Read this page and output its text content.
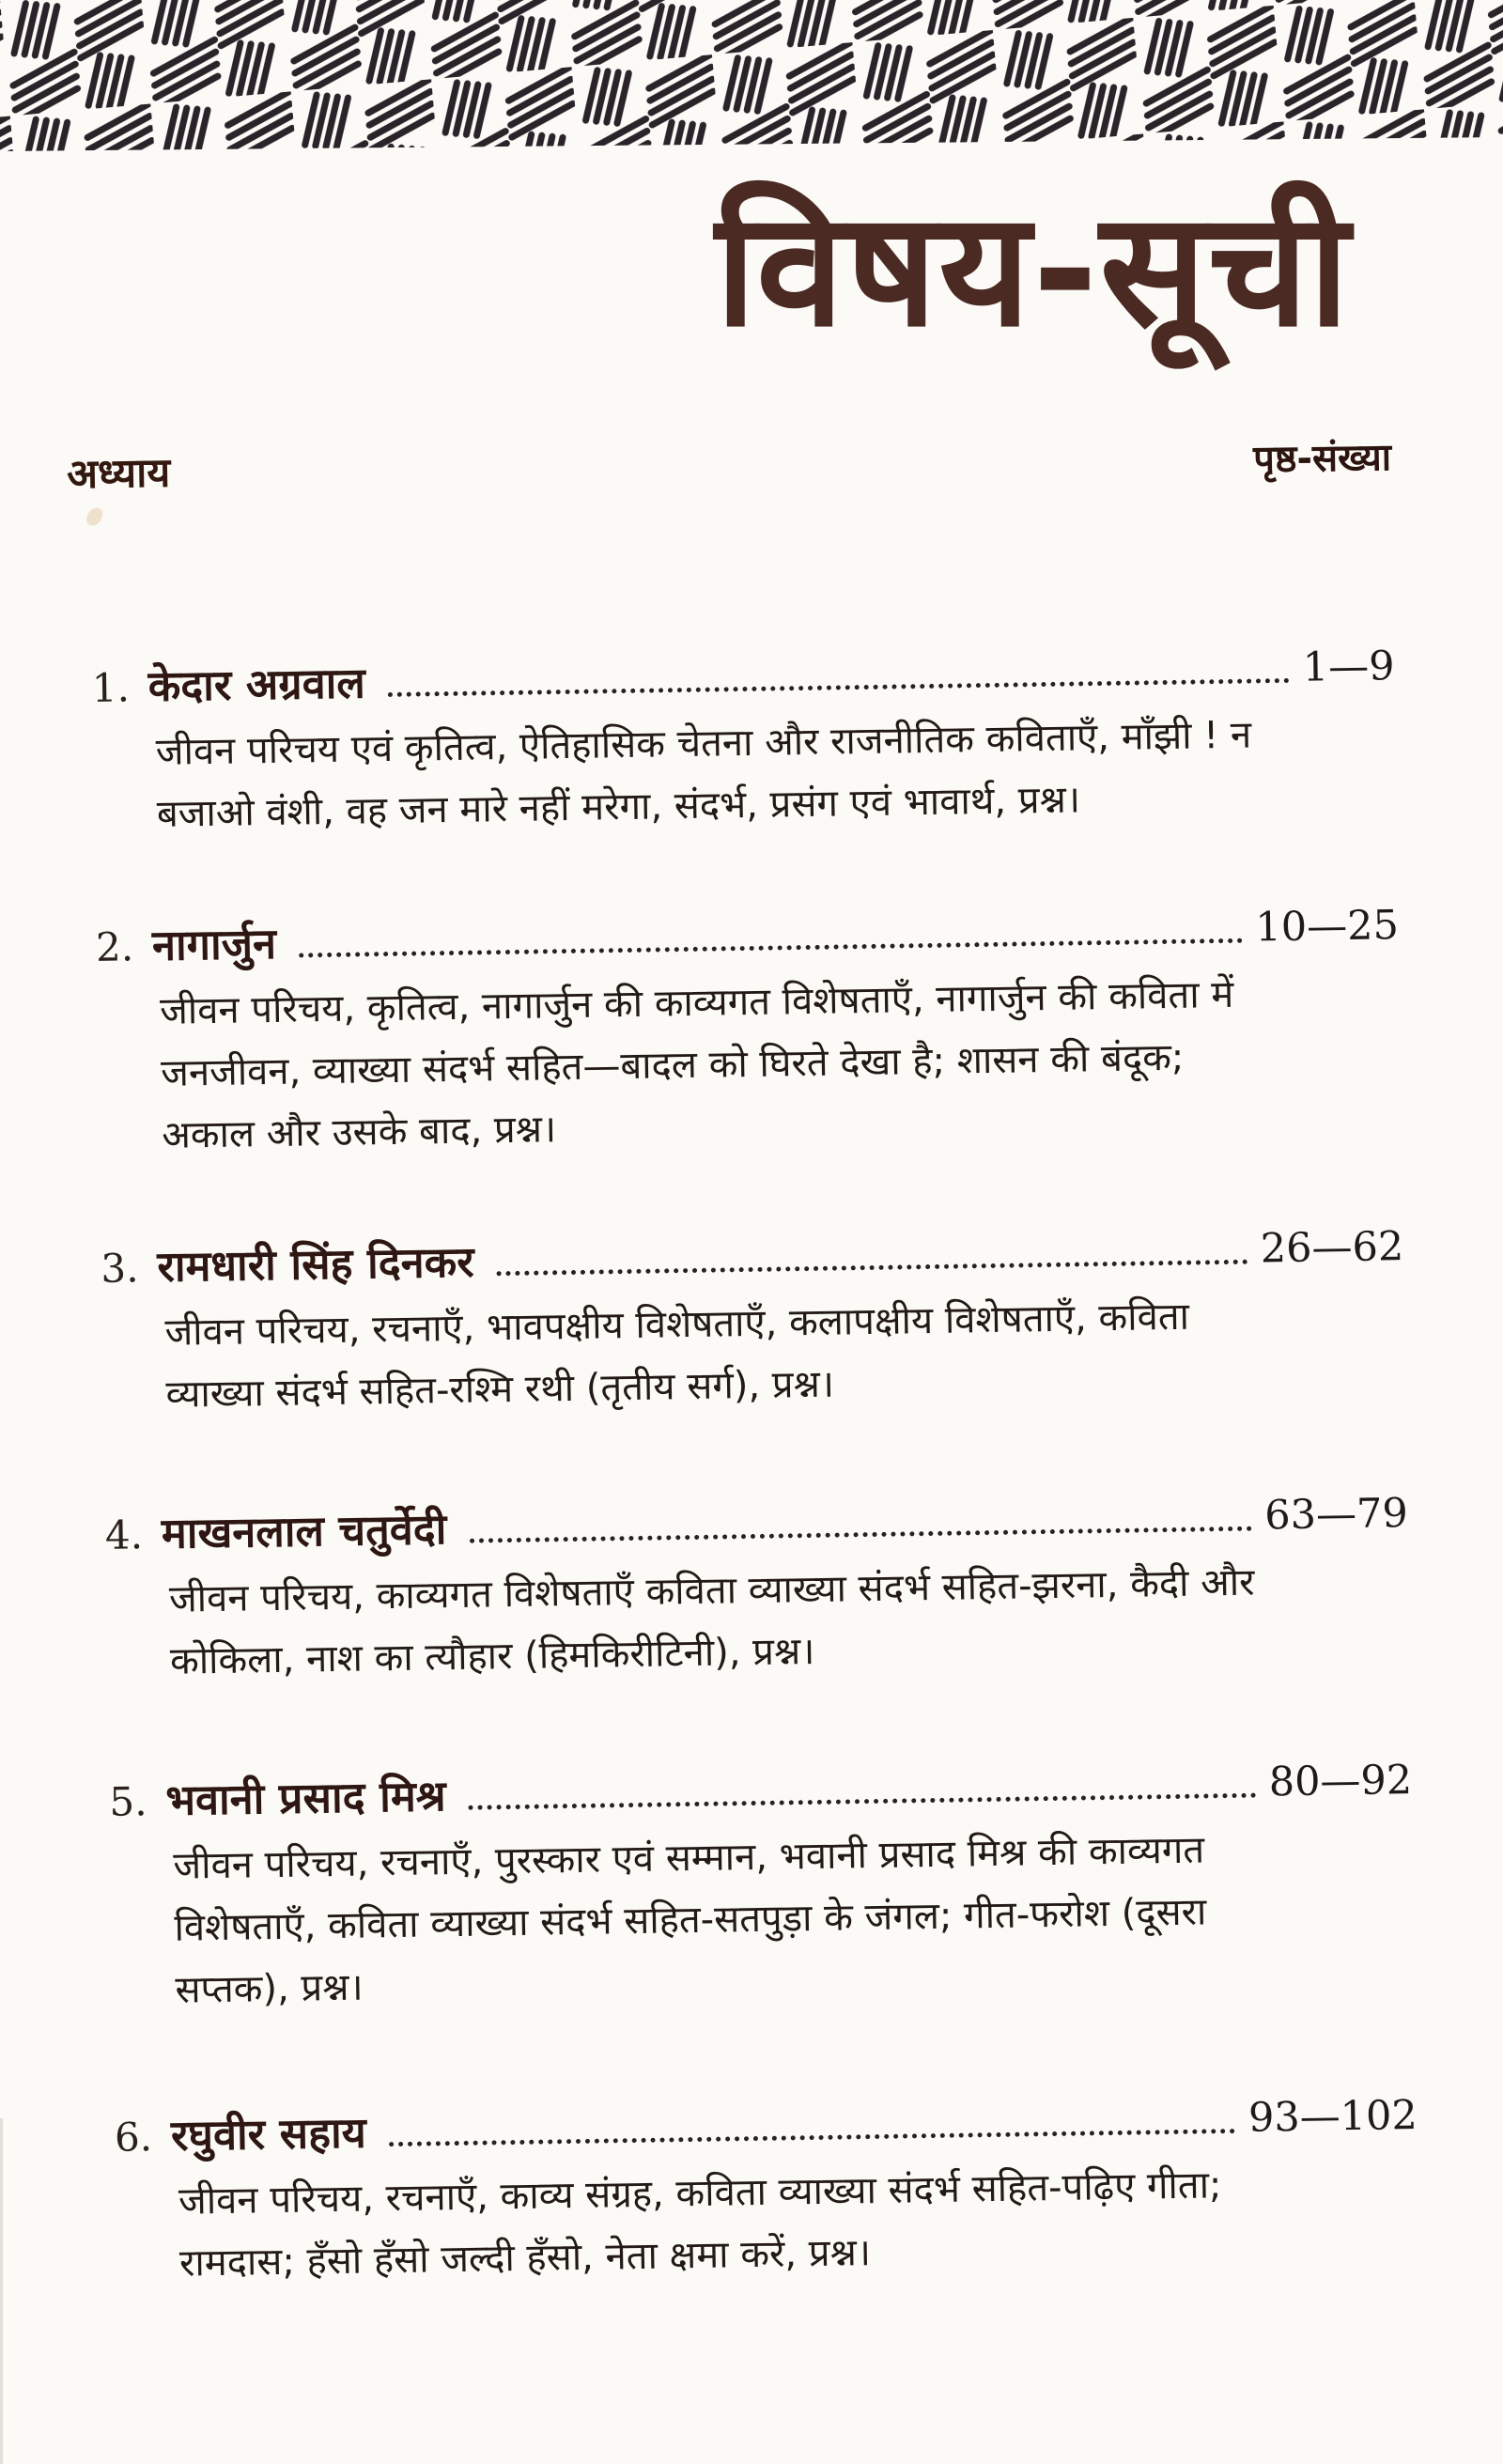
विषय-सूची
अध्याय	पृष्ठ-संख्या
1. केदार अग्रवाल	1—9
जीवन परिचय एवं कृतित्व, ऐतिहासिक चेतना और राजनीतिक कविताएँ, माँझी ! न
बजाओ वंशी, वह जन मारे नहीं मरेगा, संदर्भ, प्रसंग एवं भावार्थ, प्रश्न।
2. नागार्जुन	10—25
जीवन परिचय, कृतित्व, नागार्जुन की काव्यगत विशेषताएँ, नागार्जुन की कविता में
जनजीवन, व्याख्या संदर्भ सहित—बादल को घिरते देखा है; शासन की बंदूक;
अकाल और उसके बाद, प्रश्न।
3. रामधारी सिंह दिनकर	26—62
जीवन परिचय, रचनाएँ, भावपक्षीय विशेषताएँ, कलापक्षीय विशेषताएँ, कविता
व्याख्या संदर्भ सहित-रश्मि रथी (तृतीय सर्ग), प्रश्न।
4. माखनलाल चतुर्वेदी	63—79
जीवन परिचय, काव्यगत विशेषताएँ कविता व्याख्या संदर्भ सहित-झरना, कैदी और
कोकिला, नाश का त्यौहार (हिमकिरीटिनी), प्रश्न।
5. भवानी प्रसाद मिश्र	80—92
जीवन परिचय, रचनाएँ, पुरस्कार एवं सम्मान, भवानी प्रसाद मिश्र की काव्यगत
विशेषताएँ, कविता व्याख्या संदर्भ सहित-सतपुड़ा के जंगल; गीत-फरोश (दूसरा
सप्तक), प्रश्न।
6. रघुवीर सहाय	93—102
जीवन परिचय, रचनाएँ, काव्य संग्रह, कविता व्याख्या संदर्भ सहित-पढ़िए गीता;
रामदास; हँसो हँसो जल्दी हँसो, नेता क्षमा करें, प्रश्न।
